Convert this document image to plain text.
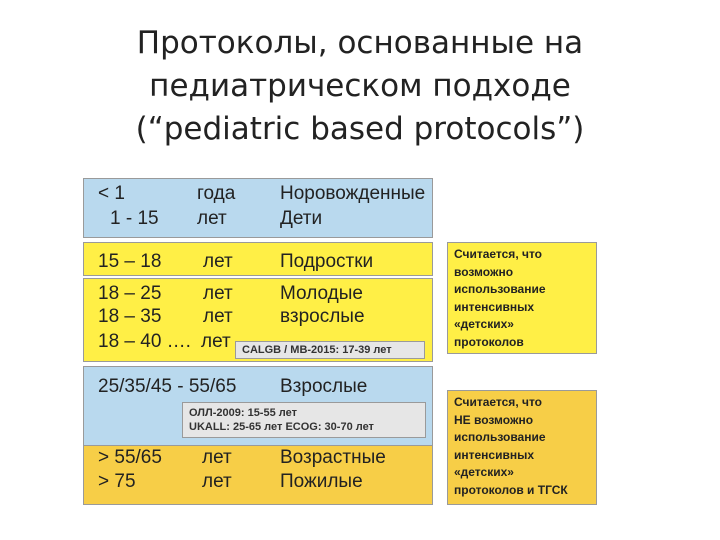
Протоколы, основанные на
педиатрическом подходе
(“pediatric based protocols”)
< 1	года Норовожденные
1 - 15 лет	Дети
15 – 18 лет Подростки
18 – 25 лет Молодые
18 – 35 лет взрослые
18 – 40 …. лет	CALGB / MB-2015: 17-39 лет
25/35/45 - 55/65 Взрослые
ОЛЛ-2009: 15-55 лет
UKALL: 25-65 лет ECOG: 30-70 лет
> 55/65 лет	Возрастные
> 75	лет	Пожилые
Считается, что
возможно
использование
интенсивных
«детских»
протоколов
Считается, что
НЕ возможно
использование
интенсивных
«детских»
протоколов и ТГСК
